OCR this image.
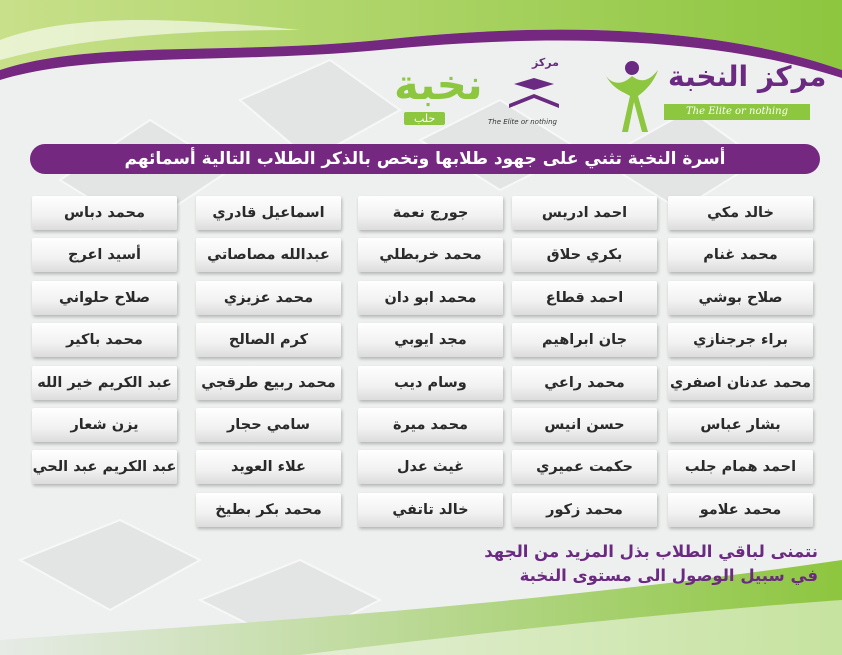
مركز
نخبة
حلب	The Elite or nothing
مركز النخبة
The Elite or nothing
أسرة النخبة تثني على جهود طلابها وتخص بالذكر الطلاب التالية أسمائهم
خالد مكي
محمد غنام
صلاح بوشي
براء جرجنازي
محمد عدنان اصفري
بشار عباس
احمد همام جلب
محمد علامو
احمد ادريس
بكري حلاق
احمد قطاع
جان ابراهيم
محمد راعي
حسن انيس
حكمت عميري
محمد زكور
جورج نعمة
محمد خربطلي
محمد ابو دان
مجد ايوبي
وسام ديب
محمد ميرة
غيث عدل
خالد تاتفي
اسماعيل قادري
عبدالله مصاصاتي
محمد عزيزي
كرم الصالح
محمد ربيع طرقجي
سامي حجار
علاء العويد
محمد بكر بطيخ
محمد دباس
أسيد اعرج
صلاح حلواني
محمد باكير
عبد الكريم خير الله
يزن شعار
عبد الكريم عبد الحي
نتمنى لباقي الطلاب بذل المزيد من الجهد
في سبيل الوصول الى مستوى النخبة
